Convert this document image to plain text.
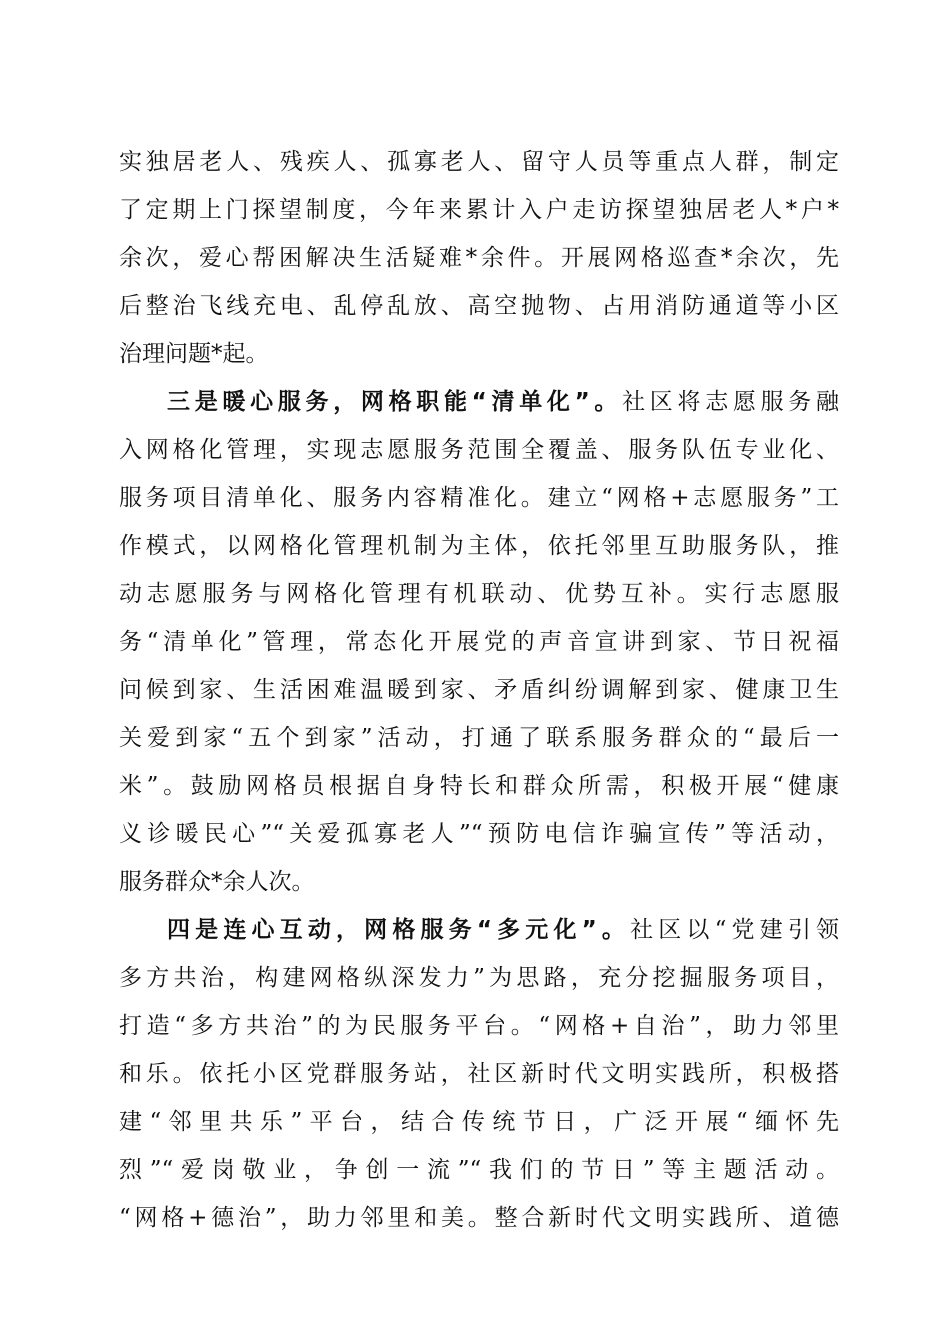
实独居老人、残疾人、孤寡老人、留守人员等重点人群，制定
了定期上门探望制度，今年来累计入户走访探望独居老人*户*
余次，爱心帮困解决生活疑难*余件。开展网格巡查*余次，先
后整治飞线充电、乱停乱放、高空抛物、占用消防通道等小区
治理问题*起。
三是暖心服务，网格职能“清单化”。社区将志愿服务融
入网格化管理，实现志愿服务范围全覆盖、服务队伍专业化、
服务项目清单化、服务内容精准化。建立“网格+志愿服务”工
作模式，以网格化管理机制为主体，依托邻里互助服务队，推
动志愿服务与网格化管理有机联动、优势互补。实行志愿服
务“清单化”管理，常态化开展党的声音宣讲到家、节日祝福
问候到家、生活困难温暖到家、矛盾纠纷调解到家、健康卫生
关爱到家“五个到家”活动，打通了联系服务群众的“最后一
米”。鼓励网格员根据自身特长和群众所需，积极开展“健康
义诊暖民心”“关爱孤寡老人”“预防电信诈骗宣传”等活动，
服务群众*余人次。
四是连心互动，网格服务“多元化”。社区以“党建引领
多方共治，构建网格纵深发力”为思路，充分挖掘服务项目，
打造“多方共治”的为民服务平台。“网格+自治”，助力邻里
和乐。依托小区党群服务站，社区新时代文明实践所，积极搭
建“邻里共乐”平台，结合传统节日，广泛开展“缅怀先
烈”“爱岗敬业，争创一流”“我们的节日”等主题活动。
“网格+德治”，助力邻里和美。整合新时代文明实践所、道德
